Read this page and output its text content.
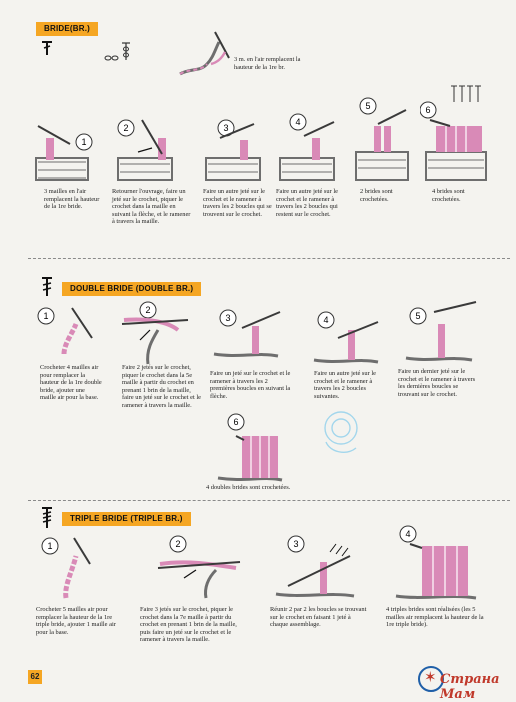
BRIDE(BR.)
3 m. en l'air remplacent la hauteur de la 1re br.
1
3 mailles en l'air remplacent la hauteur de la 1re bride.
2
Retourner l'ouvrage, faire un jeté sur le crochet, piquer le crochet dans la maille en suivant la flèche, et le ramener à travers la maille.
3
Faire un autre jeté sur le crochet et le ramener à travers les 2 boucles qui se trouvent sur le crochet.
4
Faire un autre jeté sur le crochet et le ramener à travers les 2 boucles qui restent sur le crochet.
5
2 brides sont crochetées.
6
4 brides sont crochetées.
DOUBLE BRIDE (DOUBLE BR.)
1
Crocheter 4 mailles air pour remplacer la hauteur de la 1re double bride, ajouter une maille air pour la base.
2
Faire 2 jetés sur le crochet, piquer le crochet dans la 5e maille à partir du crochet en prenant 1 brin de la maille, faire un jeté sur le crochet et le ramener à travers la maille.
3
Faire un jeté sur le crochet et le ramener à travers les 2 premières boucles en suivant la flèche.
4
Faire un autre jeté sur le crochet et le ramener à travers les 2 boucles suivantes.
5
Faire un dernier jeté sur le crochet et le ramener à travers les dernières boucles se trouvant sur le crochet.
6
4 doubles brides sont crochetées.
TRIPLE BRIDE (TRIPLE BR.)
1
Crocheter 5 mailles air pour remplacer la hauteur de la 1re triple bride, ajouter 1 maille air pour la base.
2
Faire 3 jetés sur le crochet, piquer le crochet dans la 7e maille à partir du crochet en prenant 1 brin de la maille, puis faire un jeté sur le crochet et le ramener à travers la maille.
3
Réunir 2 par 2 les boucles se trouvant sur le crochet en faisant 1 jeté à chaque assemblage.
4
4 triples brides sont réalisées (les 5 mailles air remplacent la hauteur de la 1re triple bride).
62	✶ Страна Мам
